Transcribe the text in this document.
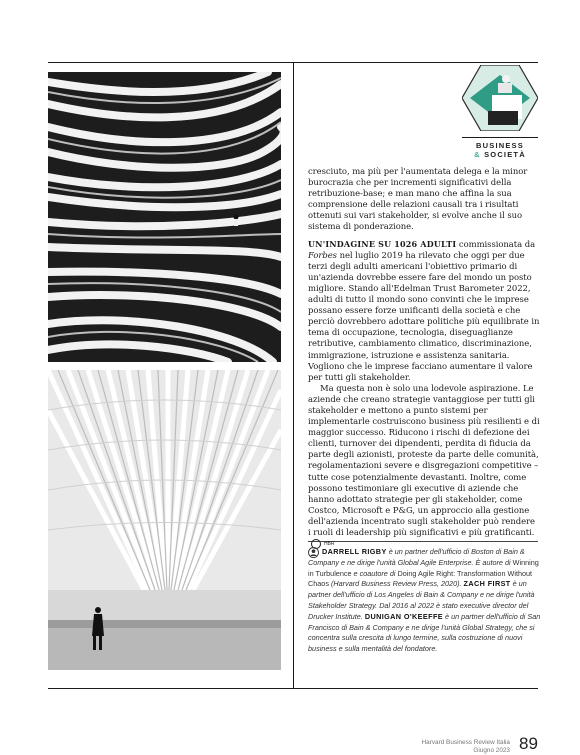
BUSINESS
& SOCIETÀ

cresciuto, ma più per l'aumentata delega e la minor burocrazia che per incrementi significativi della retribuzione-base; e man mano che affina la sua comprensione delle relazioni causali tra i risultati ottenuti sui vari stakeholder, si evolve anche il suo sistema di ponderazione.

UN'INDAGINE SU 1026 ADULTI commissionata da Forbes nel luglio 2019 ha rilevato che oggi per due terzi degli adulti americani l'obiettivo primario di un'azienda dovrebbe essere fare del mondo un posto migliore. Stando all'Edelman Trust Barometer 2022, adulti di tutto il mondo sono convinti che le imprese possano essere forze unificanti della società e che perciò dovrebbero adottare politiche più equilibrate in tema di occupazione, tecnologia, diseguaglianze retributive, cambiamento climatico, discriminazione, immigrazione, istruzione e assistenza sanitaria. Vogliono che le imprese facciano aumentare il valore per tutti gli stakeholder.

Ma questa non è solo una lodevole aspirazione. Le aziende che creano strategie vantaggiose per tutti gli stakeholder e mettono a punto sistemi per implementarle costruiscono business più resilienti e di maggior successo. Riducono i rischi di defezione dei clienti, turnover dei dipendenti, perdita di fiducia da parte degli azionisti, proteste da parte delle comunità, regolamentazioni severe e disgregazioni competitive – tutte cose potenzialmente devastanti. Inoltre, come possono testimoniare gli executive di aziende che hanno adottato strategie per gli stakeholder, come Costco, Microsoft e P&G, un approccio alla gestione dell'azienda incentrato sugli stakeholder può rendere i ruoli di leadership più significativi e più gratificanti.HBR

DARRELL RIGBY è un partner dell'ufficio di Boston di Bain & Company e ne dirige l'unità Global Agile Enterprise. È autore di Winning in Turbulence e coautore di Doing Agile Right: Transformation Without Chaos (Harvard Business Review Press, 2020). ZACH FIRST è un partner dell'ufficio di Los Angeles di Bain & Company e ne dirige l'unità Stakeholder Strategy. Dal 2016 al 2022 è stato executive director del Drucker Institute. DUNIGAN O'KEEFFE è un partner dell'ufficio di San Francisco di Bain & Company e ne dirige l'unità Global Strategy, che si concentra sulla crescita di lungo termine, sulla costruzione di nuovi business e sulla mentalità del fondatore.
Harvard Business Review Italia
Giugno 2023 89
